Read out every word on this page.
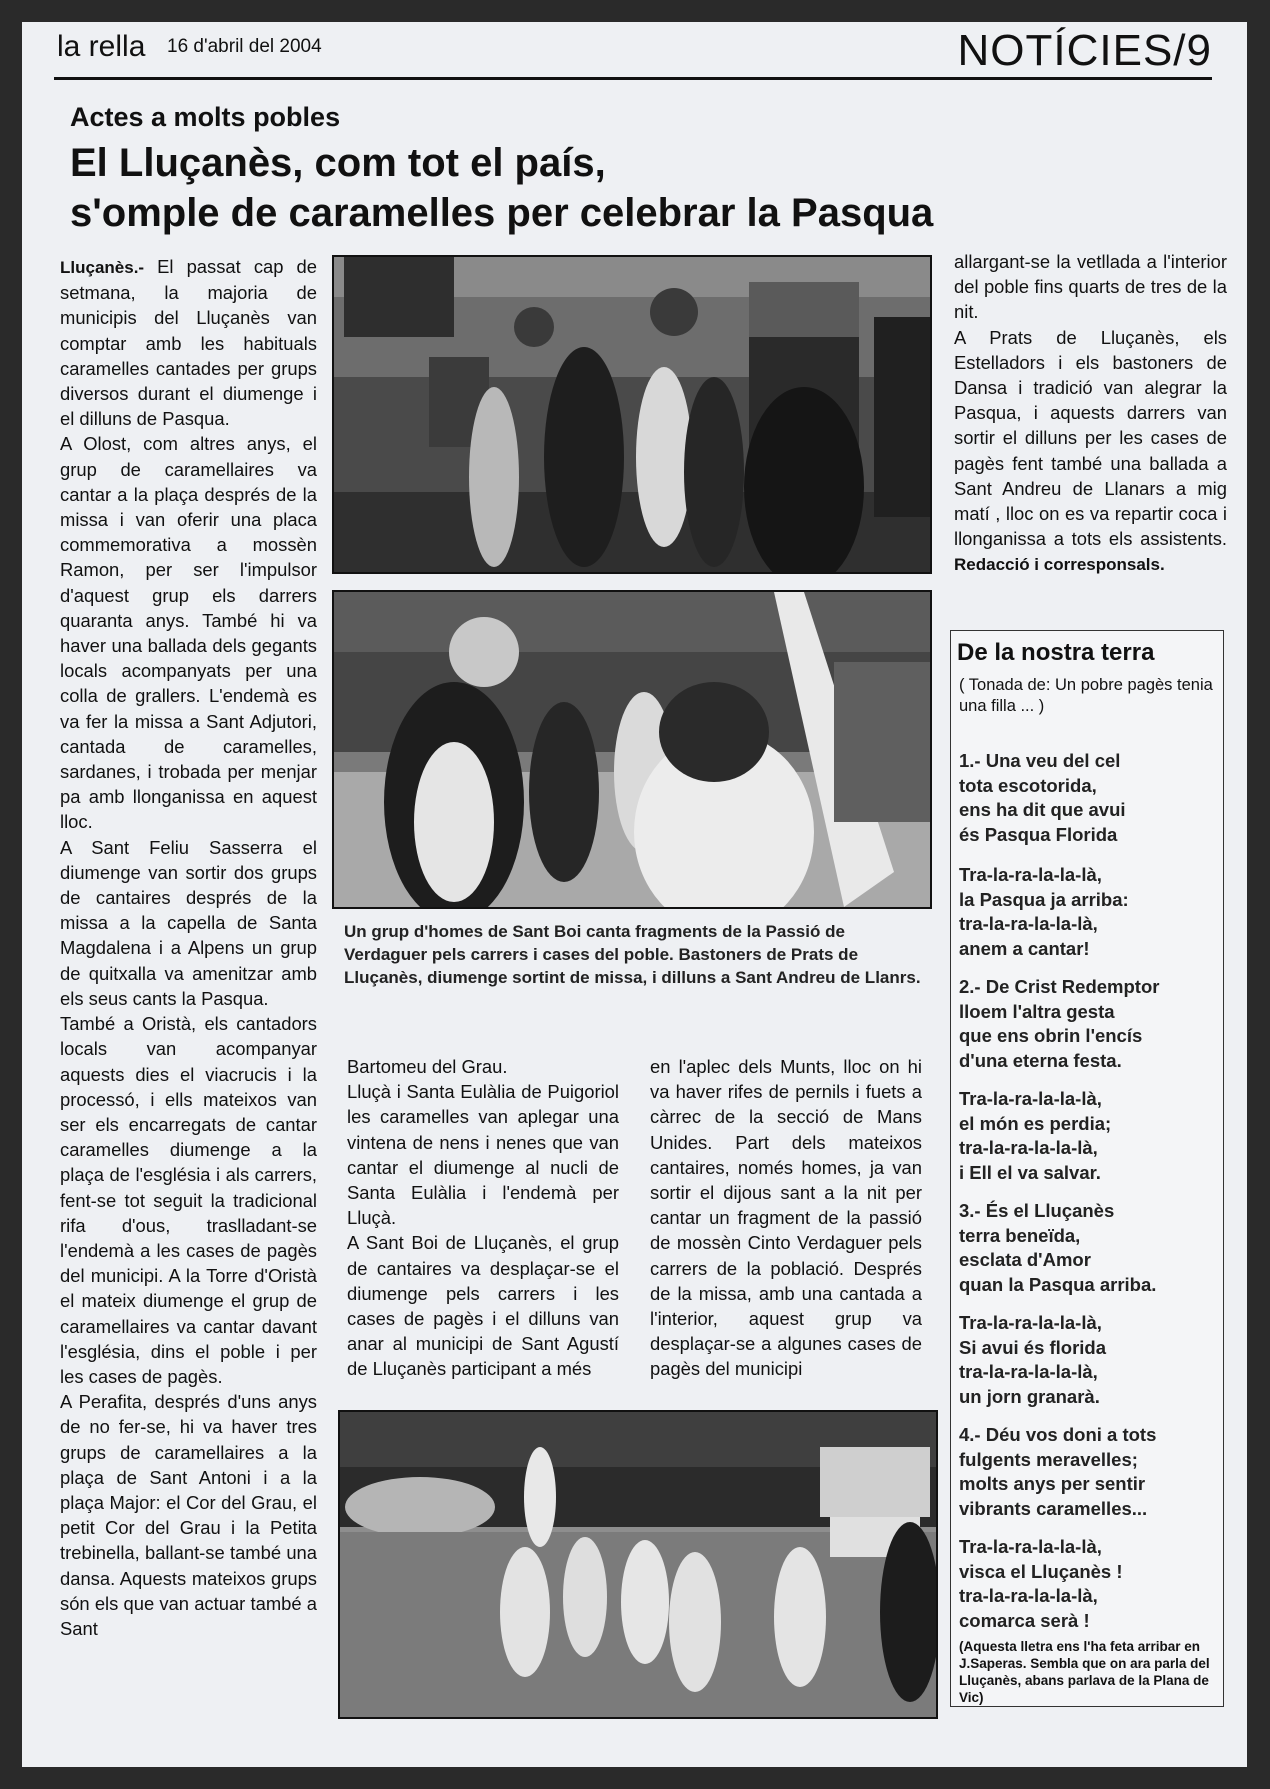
la rella 16 d'abril del 2004	NOTÍCIES/9
Actes a molts pobles
El Lluçanès, com tot el país,
s'omple de caramelles per celebrar la Pasqua

Lluçanès.- El passat cap de setmana, la majoria de municipis del Lluçanès van comptar amb les habituals caramelles cantades per grups diversos durant el diumenge i el dilluns de Pasqua.

A Olost, com altres anys, el grup de caramellaires va cantar a la plaça després de la missa i van oferir una placa commemorativa a mossèn Ramon, per ser l'impulsor d'aquest grup els darrers quaranta anys. També hi va haver una ballada dels gegants locals acompanyats per una colla de grallers. L'endemà es va fer la missa a Sant Adjutori, cantada de caramelles, sardanes, i trobada per menjar pa amb llonganissa en aquest lloc.

A Sant Feliu Sasserra el diumenge van sortir dos grups de cantaires després de la missa a la capella de Santa Magdalena i a Alpens un grup de quitxalla va amenitzar amb els seus cants la Pasqua.

També a Oristà, els cantadors locals van acompanyar aquests dies el viacrucis i la processó, i ells mateixos van ser els encarregats de cantar caramelles diumenge a la plaça de l'església i als carrers, fent-se tot seguit la tradicional rifa d'ous, traslladant-se l'endemà a les cases de pagès del municipi. A la Torre d'Oristà el mateix diumenge el grup de caramellaires va cantar davant l'església, dins el poble i per les cases de pagès.

A Perafita, després d'uns anys de no fer-se, hi va haver tres grups de caramellaires a la plaça de Sant Antoni i a la plaça Major: el Cor del Grau, el petit Cor del Grau i la Petita trebinella, ballant-se també una dansa. Aquests mateixos grups són els que van actuar també a Sant

Un grup d'homes de Sant Boi canta fragments de la Passió de Verdaguer pels carrers i cases del poble. Bastoners de Prats de Lluçanès, diumenge sortint de missa, i dilluns a Sant Andreu de Llanrs.

allargant-se la vetllada a l'interior del poble fins quarts de tres de la nit.

A Prats de Lluçanès, els Estelladors i els bastoners de Dansa i tradició van alegrar la Pasqua, i aquests darrers van sortir el dilluns per les cases de pagès fent també una ballada a Sant Andreu de Llanars a mig matí , lloc on es va repartir coca i llonganissa a tots els assistents. Redacció i corresponsals.

Bartomeu del Grau.

Lluçà i Santa Eulàlia de Puigoriol les caramelles van aplegar una vintena de nens i nenes que van cantar el diumenge al nucli de Santa Eulàlia i l'endemà per Lluçà.

A Sant Boi de Lluçanès, el grup de cantaires va desplaçar-se el diumenge pels carrers i les cases de pagès i el dilluns van anar al municipi de Sant Agustí de Lluçanès participant a més

en l'aplec dels Munts, lloc on hi va haver rifes de pernils i fuets a càrrec de la secció de Mans Unides. Part dels mateixos cantaires, només homes, ja van sortir el dijous sant a la nit per cantar un fragment de la passió de mossèn Cinto Verdaguer pels carrers de la població. Després de la missa, amb una cantada a l'interior, aquest grup va desplaçar-se a algunes cases de pagès del municipi

De la nostra terra
( Tonada de: Un pobre pagès tenia una filla ... )
1.- Una veu del cel
tota escotorida,
ens ha dit que avui
és Pasqua Florida
Tra-la-ra-la-la-là,
la Pasqua ja arriba:
tra-la-ra-la-la-là,
anem a cantar!
2.- De Crist Redemptor
lloem l'altra gesta
que ens obrin l'encís
d'una eterna festa.
Tra-la-ra-la-la-là,
el món es perdia;
tra-la-ra-la-la-là,
i Ell el va salvar.
3.- És el Lluçanès
terra beneïda,
esclata d'Amor
quan la Pasqua arriba.
Tra-la-ra-la-la-là,
Si avui és florida
tra-la-ra-la-la-là,
un jorn granarà.
4.- Déu vos doni a tots
fulgents meravelles;
molts anys per sentir
vibrants caramelles...
Tra-la-ra-la-la-là,
visca el Lluçanès !
tra-la-ra-la-la-là,
comarca serà !
(Aquesta lletra ens l'ha feta arribar en J.Saperas. Sembla que on ara parla del Lluçanès, abans parlava de la Plana de Vic)
